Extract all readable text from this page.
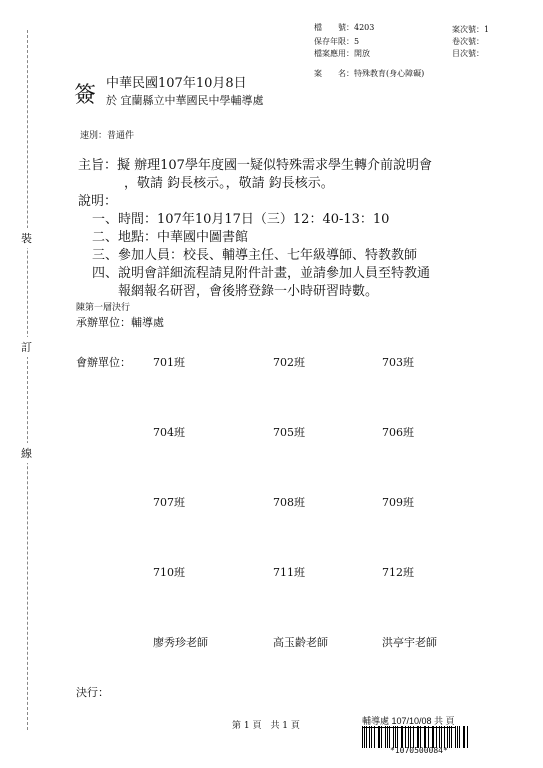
裝
訂
線
檔　　號：4203
保存年限：5
檔案應用：開放
案次號：1
卷次號：
目次號：
案　　名：特殊教育(身心障礙)
簽 中華民國107年10月8日
於 宜蘭縣立中華國民中學輔導處
速別：普通件
主旨：擬 辦理107學年度國一疑似特殊需求學生轉介前說明會
，敬請 鈞長核示。，敬請 鈞長核示。
說明：
一、時間：107年10月17日（三）12：40-13：10
二、地點：中華國中圖書館
三、參加人員：校長、輔導主任、七年級導師、特教教師
四、說明會詳細流程請見附件計畫，並請參加人員至特教通
　　報網報名研習，會後將登錄一小時研習時數。
陳第一層決行
承辦單位：輔導處
會辦單位： 701班	702班	703班
704班	705班	706班
707班	708班	709班
710班	711班	712班
廖秀珍老師	高玉齡老師	洪亭宇老師
決行：
第 1 頁　共 1 頁	輔導處 107/10/08 共 頁
*1070500084*
